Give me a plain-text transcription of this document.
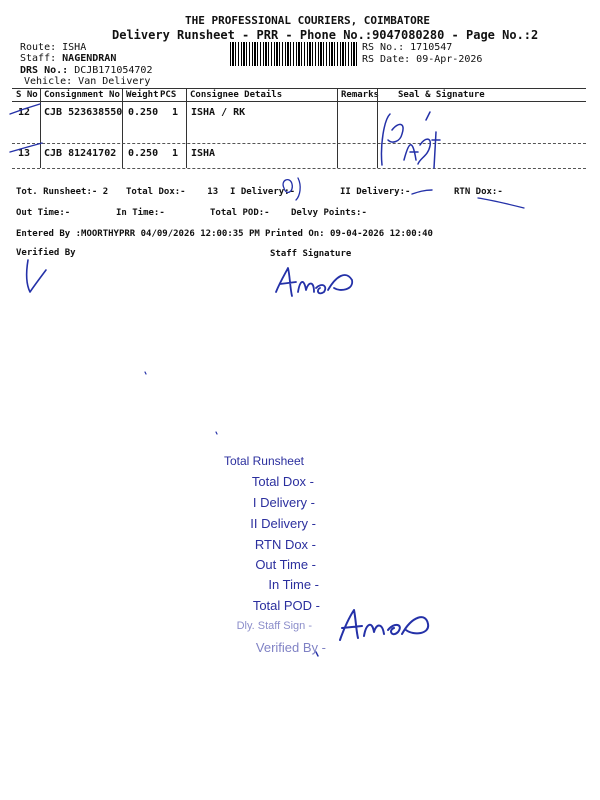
THE PROFESSIONAL COURIERS, COIMBATORE
Delivery Runsheet - PRR - Phone No.:9047080280 - Page No.:2
Route: ISHA
Staff: NAGENDRAN
DRS No.: DCJB171054702
Vehicle: Van Delivery
RS No.: 1710547
RS Date: 09-Apr-2026
S No Consignment No Weight PCS Consignee Details	Remarks Seal & Signature
12 CJB 523638550 0.250 1 ISHA / RK
13 CJB 81241702 0.250 1 ISHA
Tot. Runsheet:- 2 Total Dox:- 13 I Delivery:-	II Delivery:-	RTN Dox:-
Out Time:-	In Time:-	Total POD:- Delvy Points:-
Entered By :MOORTHYPRR 04/09/2026 12:00:35 PM Printed On: 09-04-2026 12:00:40
Verified By	Staff Signature
Total Runsheet
Total Dox -
I Delivery -
II Delivery -
RTN Dox -
Out Time -
In Time -
Total POD -
Dly. Staff Sign -
Verified By -
